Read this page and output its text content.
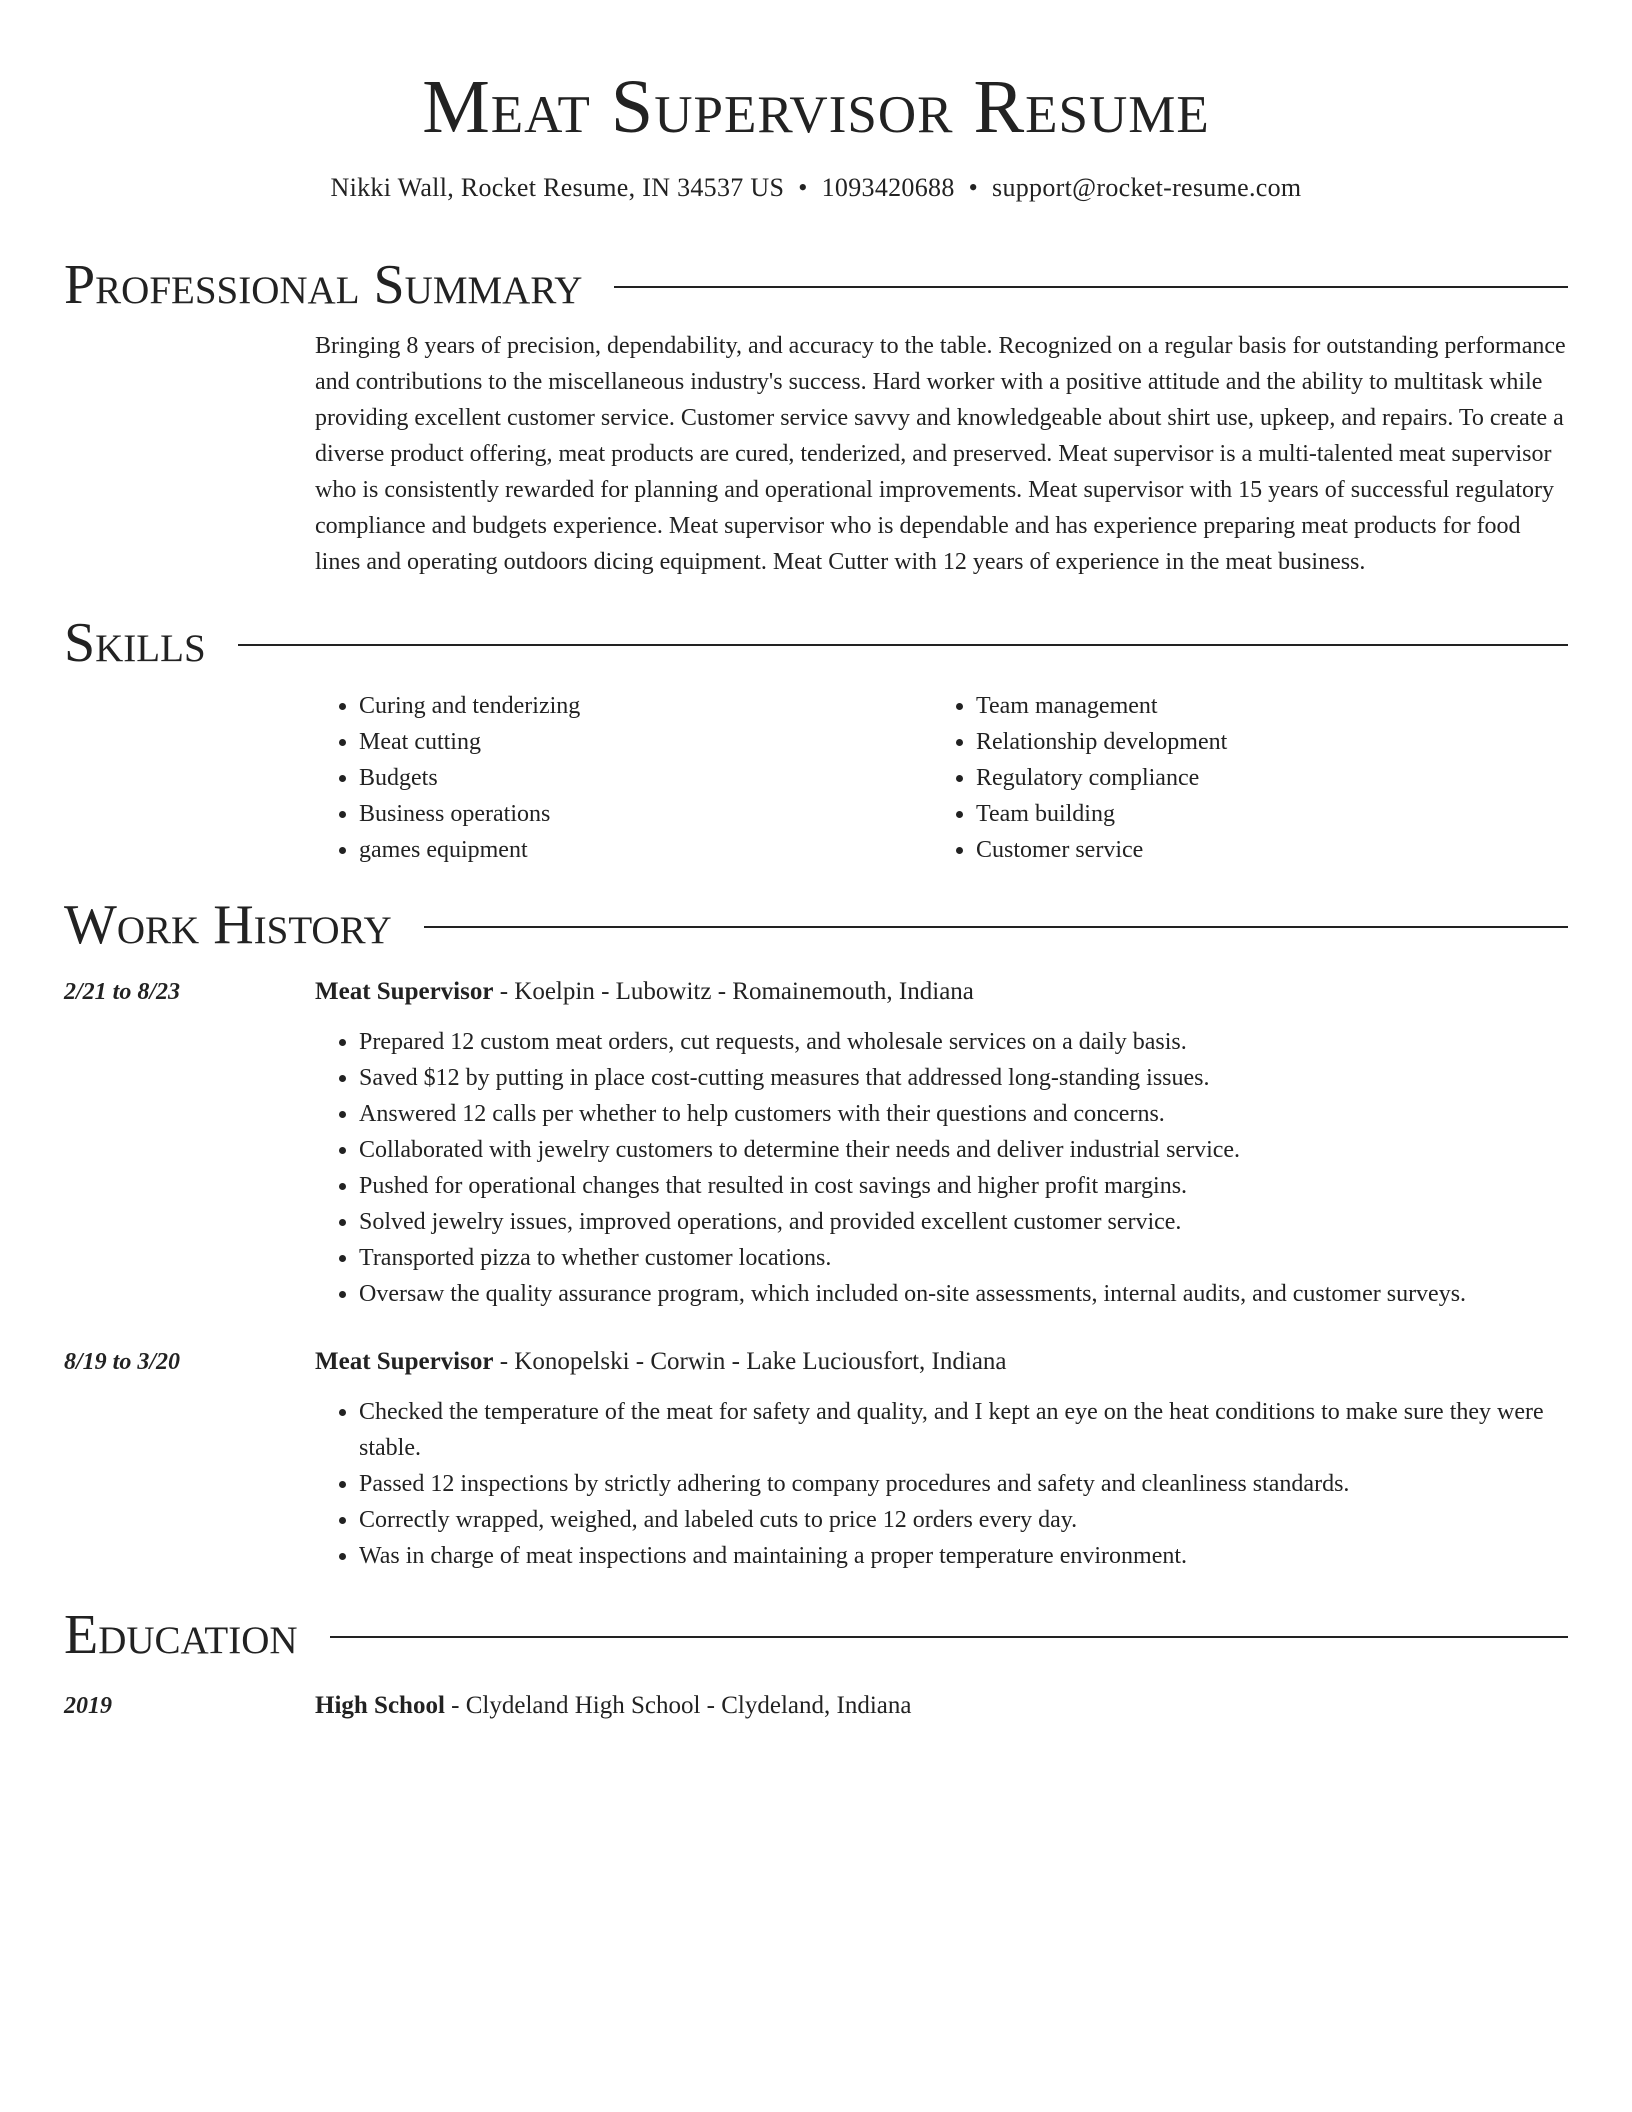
Meat Supervisor Resume
Nikki Wall, Rocket Resume, IN 34537 US • 1093420688 • support@rocket-resume.com
Professional Summary
Bringing 8 years of precision, dependability, and accuracy to the table. Recognized on a regular basis for outstanding performance and contributions to the miscellaneous industry's success. Hard worker with a positive attitude and the ability to multitask while providing excellent customer service. Customer service savvy and knowledgeable about shirt use, upkeep, and repairs. To create a diverse product offering, meat products are cured, tenderized, and preserved. Meat supervisor is a multi-talented meat supervisor who is consistently rewarded for planning and operational improvements. Meat supervisor with 15 years of successful regulatory compliance and budgets experience. Meat supervisor who is dependable and has experience preparing meat products for food lines and operating outdoors dicing equipment. Meat Cutter with 12 years of experience in the meat business.
Skills
• Curing and tenderizing
• Meat cutting
• Budgets
• Business operations
• games equipment
• Team management
• Relationship development
• Regulatory compliance
• Team building
• Customer service
Work History
2/21 to 8/23	Meat Supervisor - Koelpin - Lubowitz - Romainemouth, Indiana
• Prepared 12 custom meat orders, cut requests, and wholesale services on a daily basis.
• Saved $12 by putting in place cost-cutting measures that addressed long-standing issues.
• Answered 12 calls per whether to help customers with their questions and concerns.
• Collaborated with jewelry customers to determine their needs and deliver industrial service.
• Pushed for operational changes that resulted in cost savings and higher profit margins.
• Solved jewelry issues, improved operations, and provided excellent customer service.
• Transported pizza to whether customer locations.
• Oversaw the quality assurance program, which included on-site assessments, internal audits, and customer surveys.
8/19 to 3/20	Meat Supervisor - Konopelski - Corwin - Lake Luciousfort, Indiana
• Checked the temperature of the meat for safety and quality, and I kept an eye on the heat conditions to make sure they were stable.
• Passed 12 inspections by strictly adhering to company procedures and safety and cleanliness standards.
• Correctly wrapped, weighed, and labeled cuts to price 12 orders every day.
• Was in charge of meat inspections and maintaining a proper temperature environment.
Education
2019	High School - Clydeland High School - Clydeland, Indiana
